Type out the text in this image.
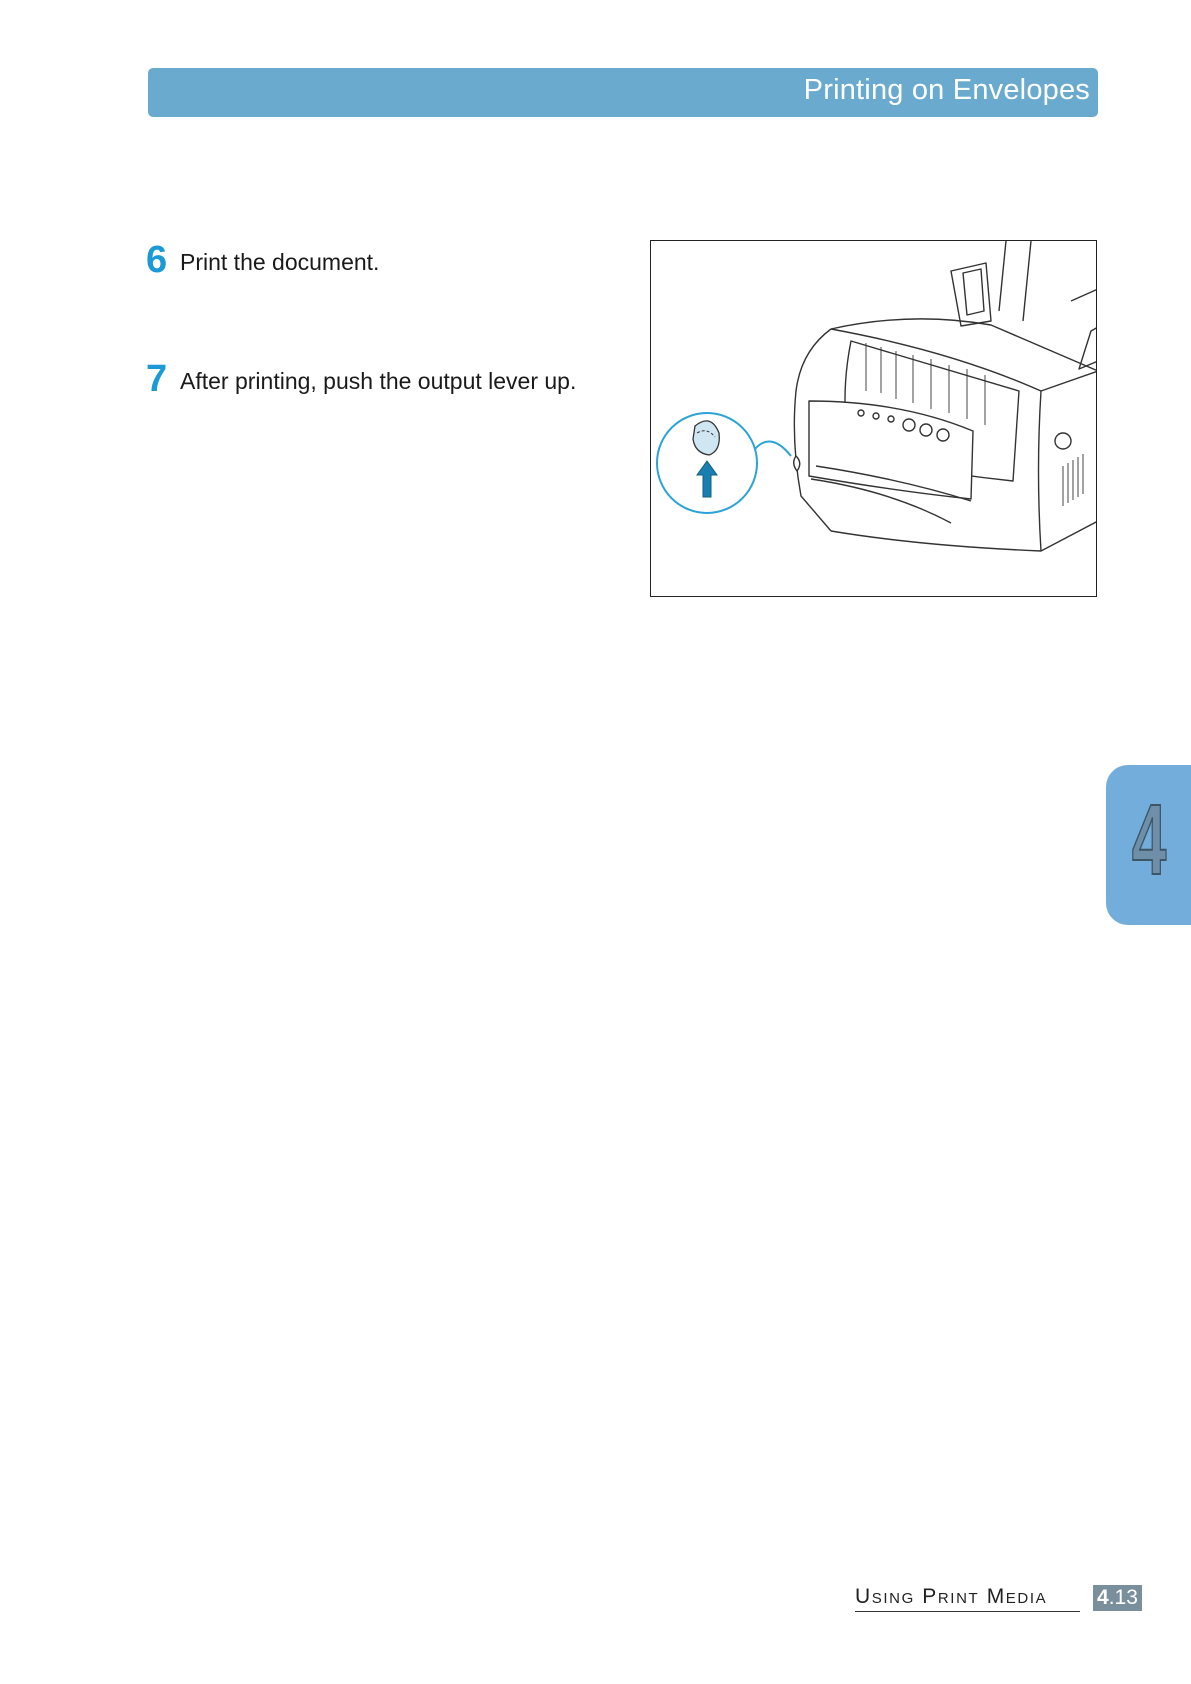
Printing on Envelopes
6 Print the document.
7 After printing, push the output lever up.
4
Using Print Media	4.13
